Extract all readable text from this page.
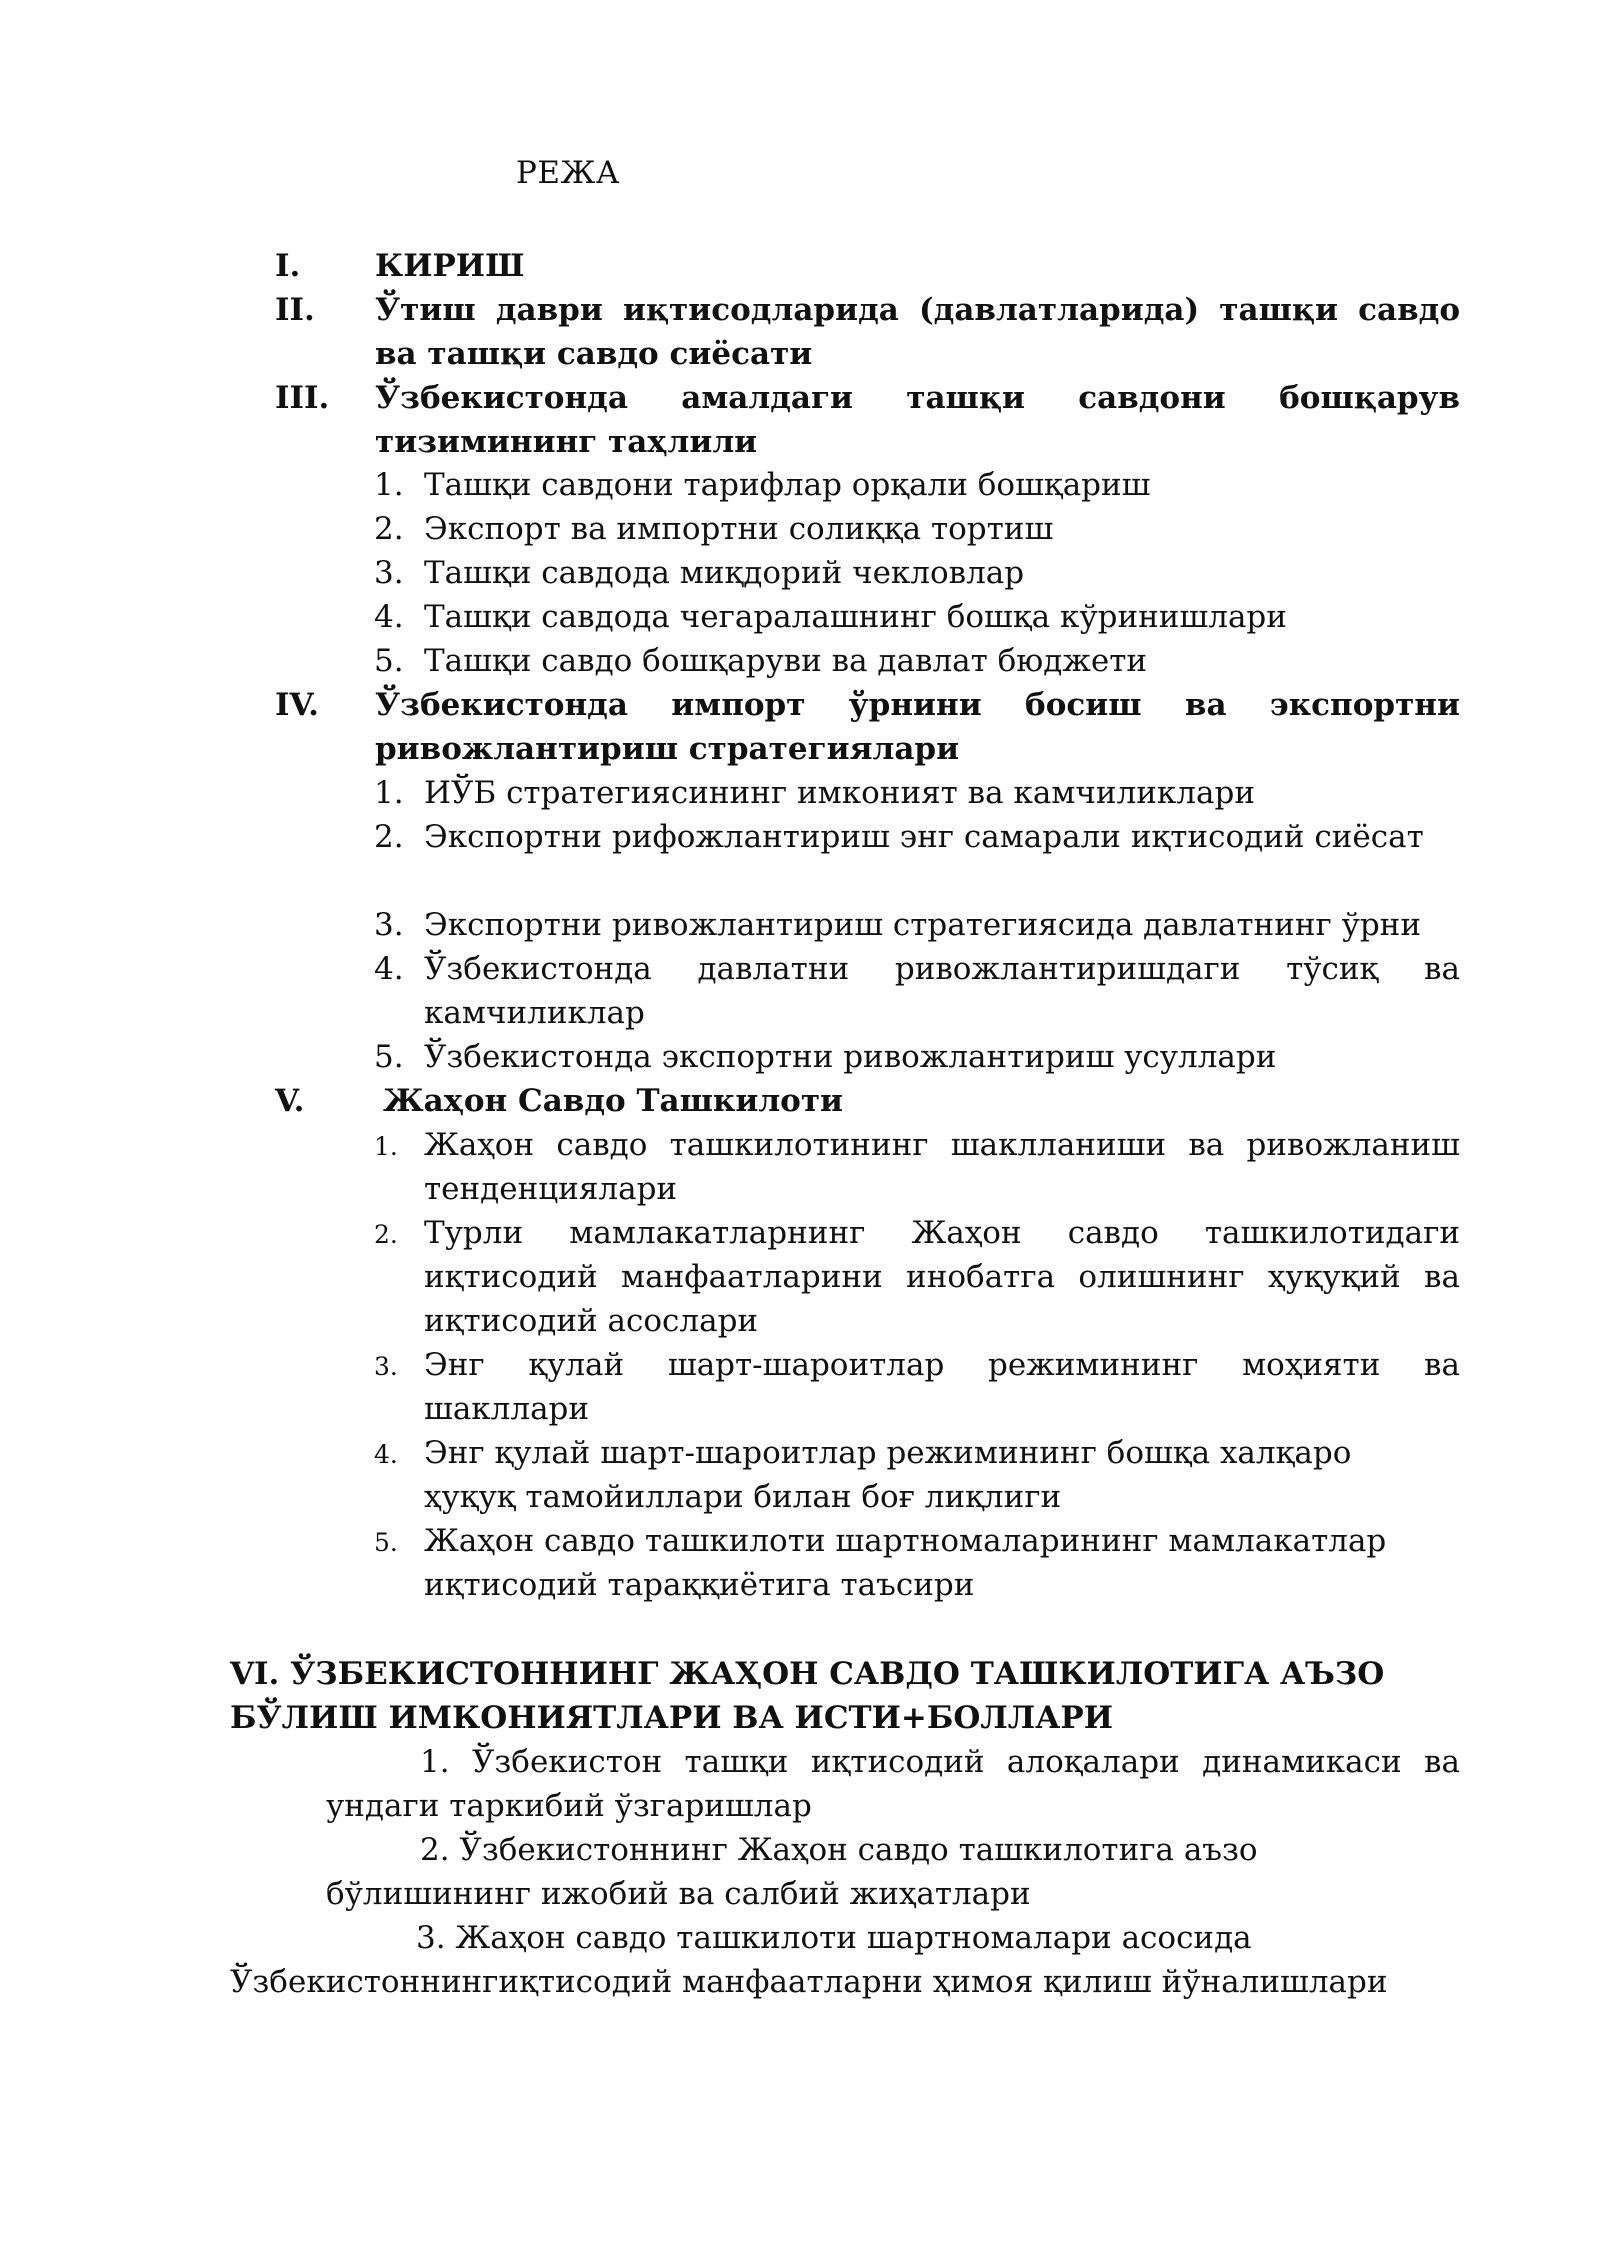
РЕЖА
I. КИРИШ
II. Ўтиш даври иқтисодларида (давлатларида) ташқи савдо ва ташқи савдо сиёсати
III. Ўзбекистонда амалдаги ташқи савдони бошқарув тизимининг таҳлили
1. Ташқи савдони тарифлар орқали бошқариш
2. Экспорт ва импортни солиққа тортиш
3. Ташқи савдода миқдорий чекловлар
4. Ташқи савдода чегаралашнинг бошқа кўринишлари
5. Ташқи савдо бошқаруви ва давлат бюджети
IV. Ўзбекистонда импорт ўрнини босиш ва экспортни ривожлантириш стратегиялари
1. ИЎБ стратегиясининг имконият ва камчиликлари
2. Экспортни рифожлантириш энг самарали иқтисодий сиёсат
3. Экспортни ривожлантириш стратегиясида давлатнинг ўрни
4. Ўзбекистонда давлатни ривожлантиришдаги тўсиқ ва камчиликлар
5. Ўзбекистонда экспортни ривожлантириш усуллари
V.	Жаҳон Савдо Ташкилоти
1. Жаҳон савдо ташкилотининг шаклланиши ва ривожланиш тенденциялари
2. Турли мамлакатларнинг Жаҳон савдо ташкилотидаги иқтисодий манфаатларини инобатга олишнинг ҳуқуқий ва иқтисодий асослари
3. Энг қулай шарт-шароитлар режимининг моҳияти ва шакллари
4. Энг қулай шарт-шароитлар режимининг бошқа халқаро ҳуқуқ тамойиллари билан боғ лиқлиги
5. Жаҳон савдо ташкилоти шартномаларининг мамлакатлар иқтисодий тараққиётига таъсири
VI. ЎЗБЕКИСТОННИНГ ЖАҲОН САВДО ТАШКИЛОТИГА АЪЗО БЎЛИШ ИМКОНИЯТЛАРИ ВА ИСТИ+БОЛЛАРИ
1. Ўзбекистон ташқи иқтисодий алоқалари динамикаси ва
ундаги таркибий ўзгаришлар
2. Ўзбекистоннинг Жаҳон савдо ташкилотига аъзо
бўлишининг ижобий ва салбий жиҳатлари
3. Жаҳон савдо ташкилоти шартномалари асосида
Ўзбекистоннингиқтисодий манфаатларни ҳимоя қилиш йўналишлари
